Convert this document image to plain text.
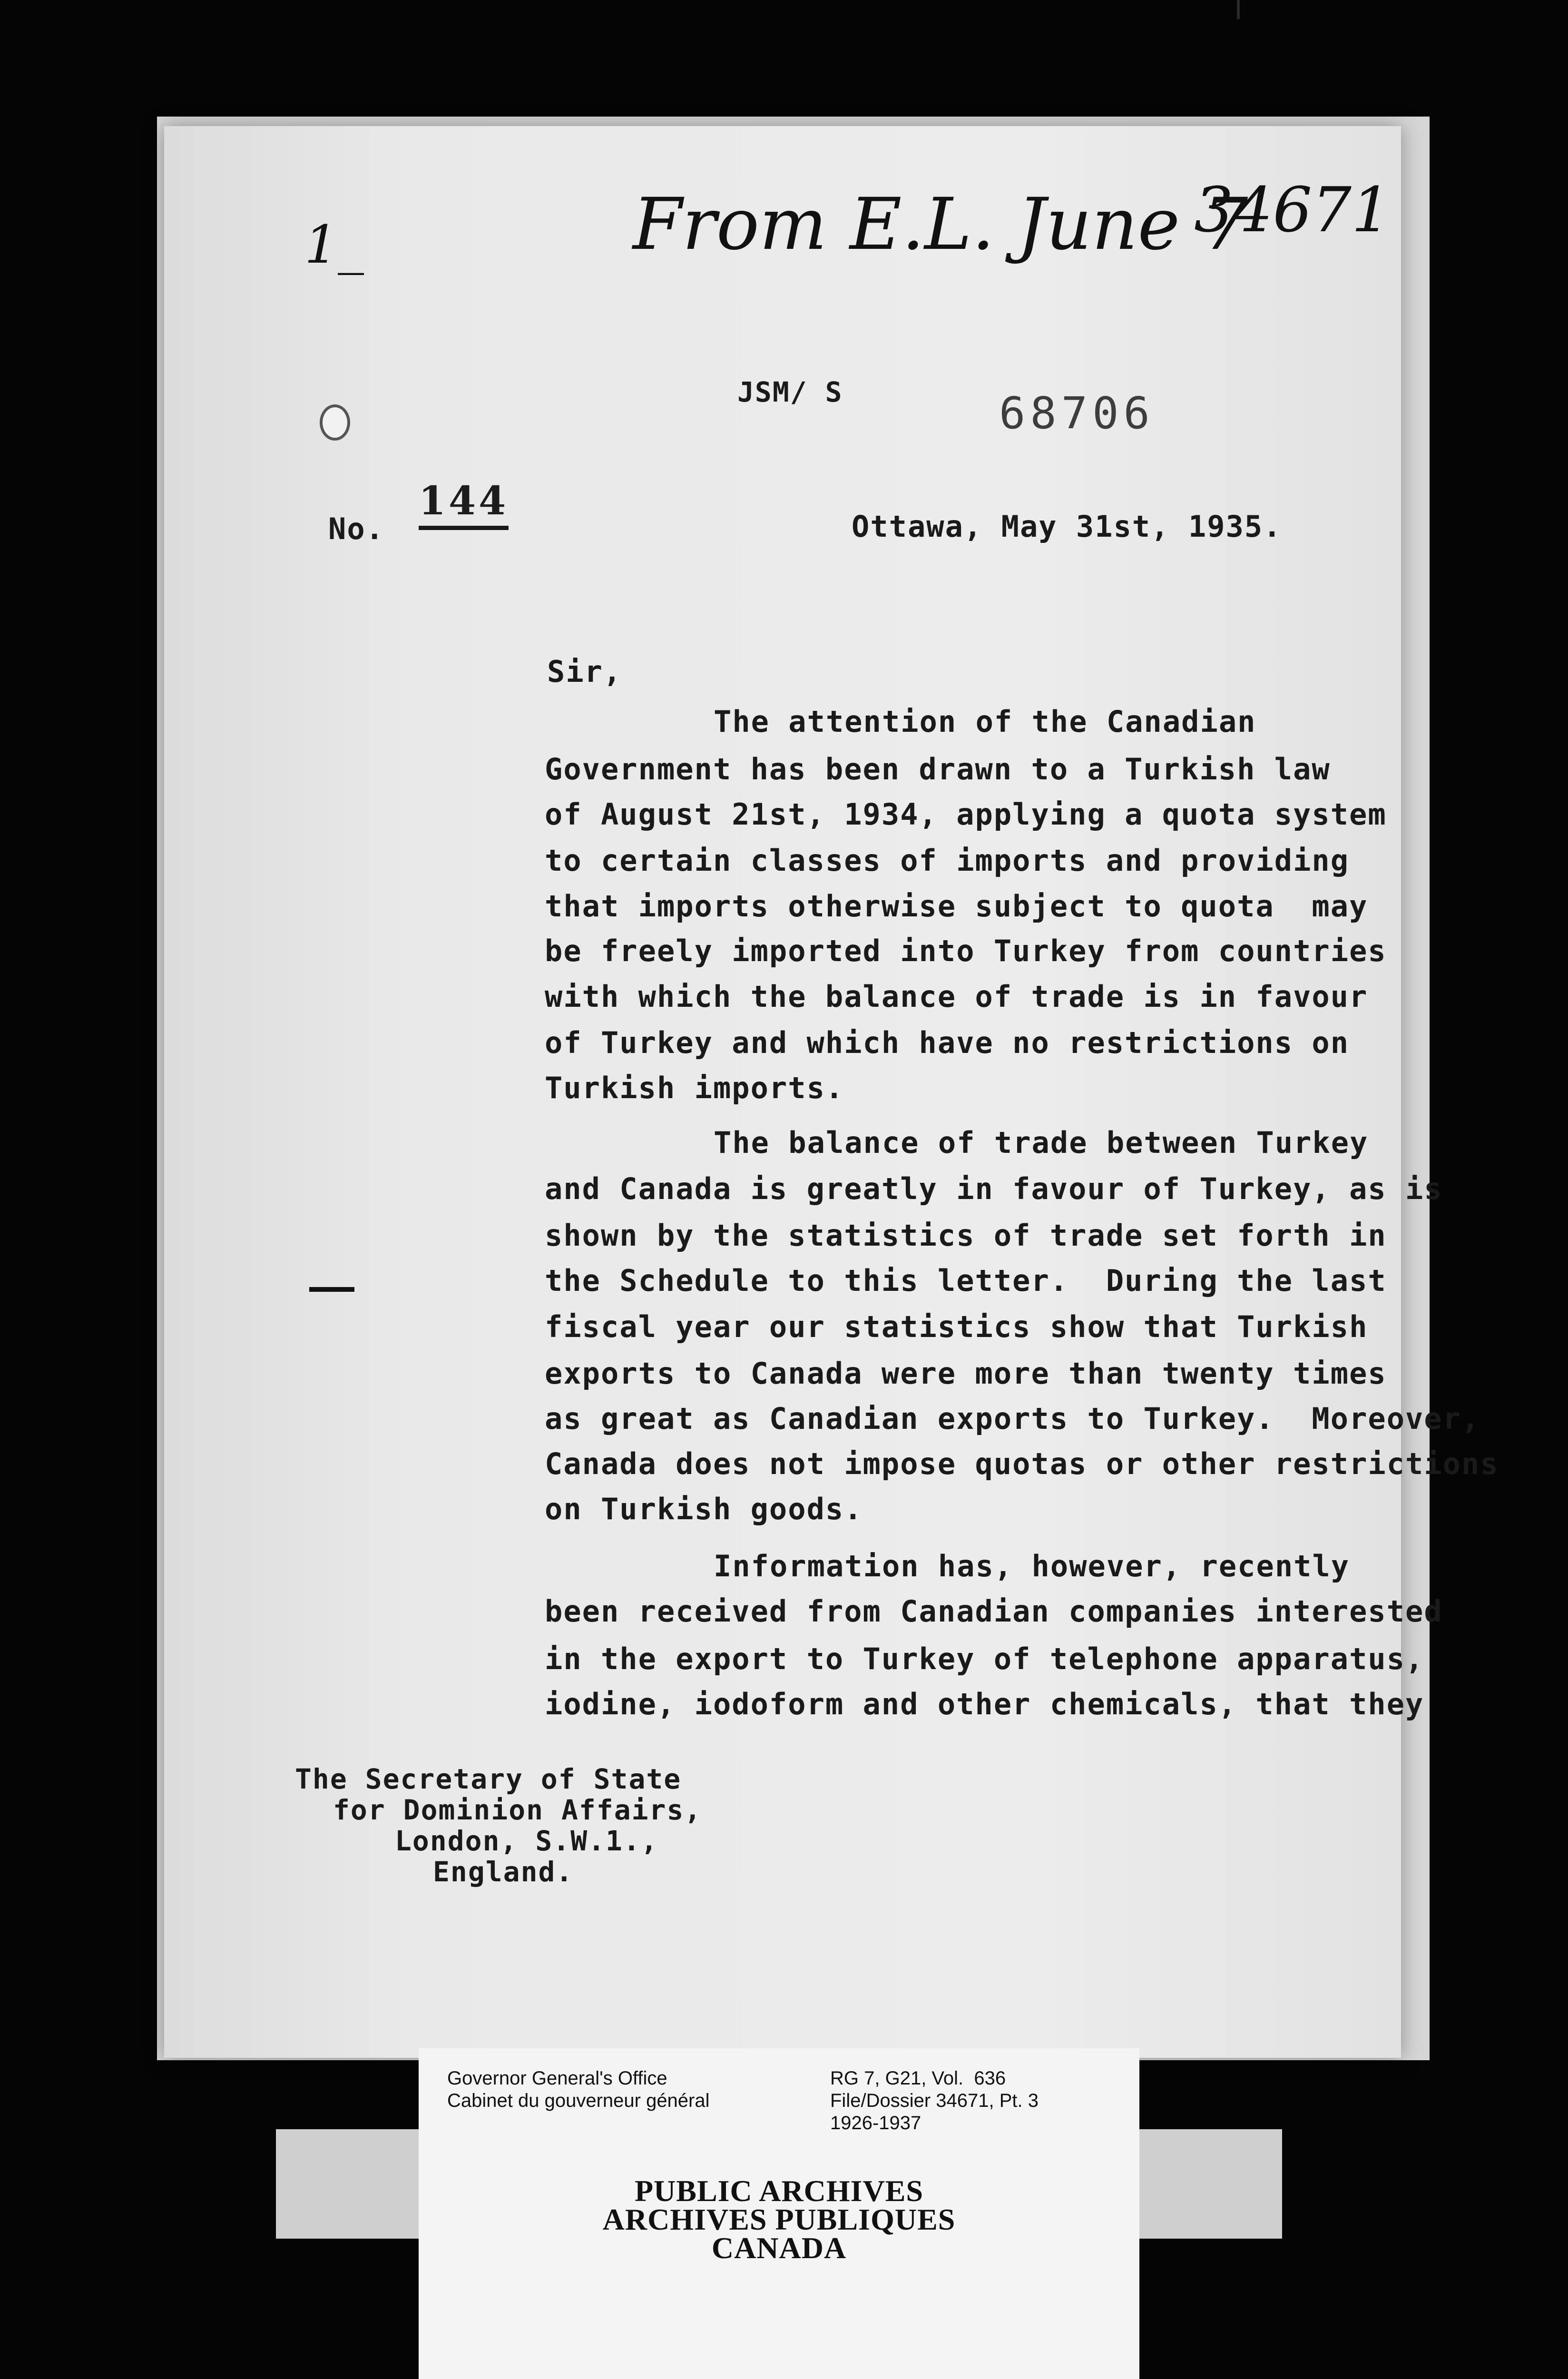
1_	From E.L. June 7
34671
JSM/ S	68706
No.
144
Ottawa, May 31st, 1935.
Sir,
The attention of the Canadian
Government has been drawn to a Turkish law
of August 21st, 1934, applying a quota system
to certain classes of imports and providing
that imports otherwise subject to quota  may
be freely imported into Turkey from countries
with which the balance of trade is in favour
of Turkey and which have no restrictions on
Turkish imports.
The balance of trade between Turkey
and Canada is greatly in favour of Turkey, as is
shown by the statistics of trade set forth in
the Schedule to this letter.  During the last
fiscal year our statistics show that Turkish
exports to Canada were more than twenty times
as great as Canadian exports to Turkey.  Moreover,
Canada does not impose quotas or other restrictions
on Turkish goods.
Information has, however, recently
been received from Canadian companies interested
in the export to Turkey of telephone apparatus,
iodine, iodoform and other chemicals, that they
The Secretary of State
for Dominion Affairs,
London, S.W.1.,
England.
Governor General's Office
Cabinet du gouverneur général
RG 7, G21, Vol.  636
File/Dossier 34671, Pt. 3
1926-1937
PUBLIC ARCHIVES
ARCHIVES PUBLIQUES
CANADA
